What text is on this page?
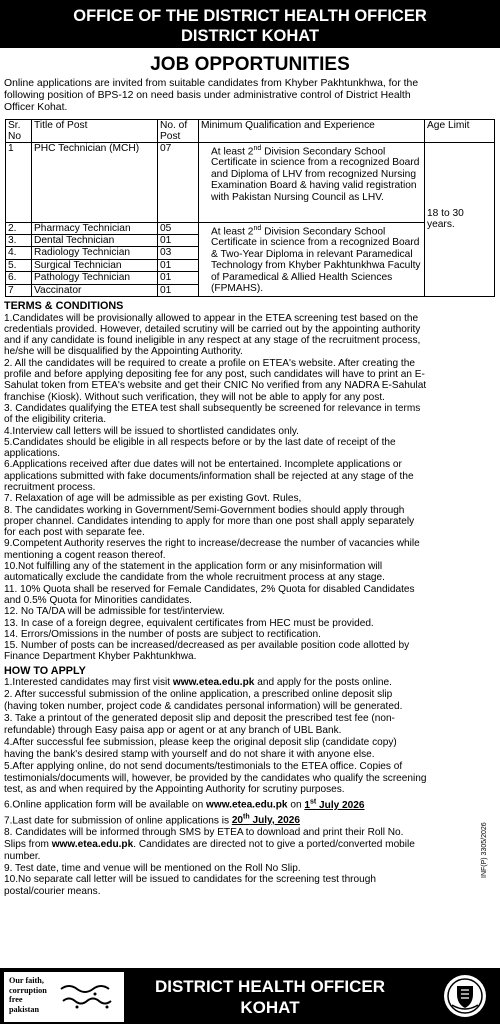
OFFICE OF THE DISTRICT HEALTH OFFICER
DISTRICT KOHAT
JOB OPPORTUNITIES
Online applications are invited from suitable candidates from Khyber Pakhtunkhwa, for the
following position of BPS-12 on need basis under administrative control of District Health
Officer Kohat.
Sr. No	Title of Post	No. of Post	Minimum Qualification and Experience	Age Limit
1	PHC Technician (MCH)	07	At least 2nd Division Secondary School Certificate in science from a recognized Board and Diploma of LHV from recognized Nursing Examination Board & having valid registration with Pakistan Nursing Council as LHV.	18 to 30 years.
2.	Pharmacy Technician	05	At least 2nd Division Secondary School Certificate in science from a recognized Board & Two-Year Diploma in relevant Paramedical Technology from Khyber Pakhtunkhwa Faculty of Paramedical & Allied Health Sciences (FPMAHS).	
3.	Dental Technician	01		
4.	Radiology Technician	03		
5.	Surgical Technician	01		
6.	Pathology Technician	01		
7	Vaccinator	01		
TERMS & CONDITIONS
1.Candidates will be provisionally allowed to appear in the ETEA screening test based on the
credentials provided. However, detailed scrutiny will be carried out by the appointing authority
and if any candidate is found ineligible in any respect at any stage of the recruitment process,
he/she will be disqualified by the Appointing Authority.
2. All the candidates will be required to create a profile on ETEA's website. After creating the
profile and before applying depositing fee for any post, such candidates will have to print an E-
Sahulat token from ETEA's website and get their CNIC No verified from any NADRA E-Sahulat
franchise (Kiosk). Without such verification, they will not be able to apply for any post.
3. Candidates qualifying the ETEA test shall subsequently be screened for relevance in terms
of the eligibility criteria.
4.Interview call letters will be issued to shortlisted candidates only.
5.Candidates should be eligible in all respects before or by the last date of receipt of the
applications.
6.Applications received after due dates will not be entertained. Incomplete applications or
applications submitted with fake documents/information shall be rejected at any stage of the
recruitment process.
7. Relaxation of age will be admissible as per existing Govt. Rules,
8. The candidates working in Government/Semi-Government bodies should apply through
proper channel. Candidates intending to apply for more than one post shall apply separately
for each post with separate fee.
9.Competent Authority reserves the right to increase/decrease the number of vacancies while
mentioning a cogent reason thereof.
10.Not fulfilling any of the statement in the application form or any misinformation will
automatically exclude the candidate from the whole recruitment process at any stage.
11. 10% Quota shall be reserved for Female Candidates, 2% Quota for disabled Candidates
and 0.5% Quota for Minorities candidates.
12. No TA/DA will be admissible for test/interview.
13. In case of a foreign degree, equivalent certificates from HEC must be provided.
14. Errors/Omissions in the number of posts are subject to rectification.
15. Number of posts can be increased/decreased as per available position code allotted by
Finance Department Khyber Pakhtunkhwa.
HOW TO APPLY
1.Interested candidates may first visit www.etea.edu.pk and apply for the posts online.
2. After successful submission of the online application, a prescribed online deposit slip
(having token number, project code & candidates personal information) will be generated.
3. Take a printout of the generated deposit slip and deposit the prescribed test fee (non-
refundable) through Easy paisa app or agent or at any branch of UBL Bank.
4.After successful fee submission, please keep the original deposit slip (candidate copy)
having the bank's desired stamp with yourself and do not share it with anyone else.
5.After applying online, do not send documents/testimonials to the ETEA office. Copies of
testimonials/documents will, however, be provided by the candidates who qualify the screening
test, as and when required by the Appointing Authority for scrutiny purposes.
6.Online application form will be available on www.etea.edu.pk on 1st July 2026
7.Last date for submission of online applications is 20th July, 2026
8. Candidates will be informed through SMS by ETEA to download and print their Roll No.
Slips from www.etea.edu.pk. Candidates are directed not to give a ported/converted mobile
number.
9. Test date, time and venue will be mentioned on the Roll No Slip.
10.No separate call letter will be issued to candidates for the screening test through
postal/courier means.
INF(P) 3305/2026
Our faith, corruption free pakistan
DISTRICT HEALTH OFFICER
KOHAT
